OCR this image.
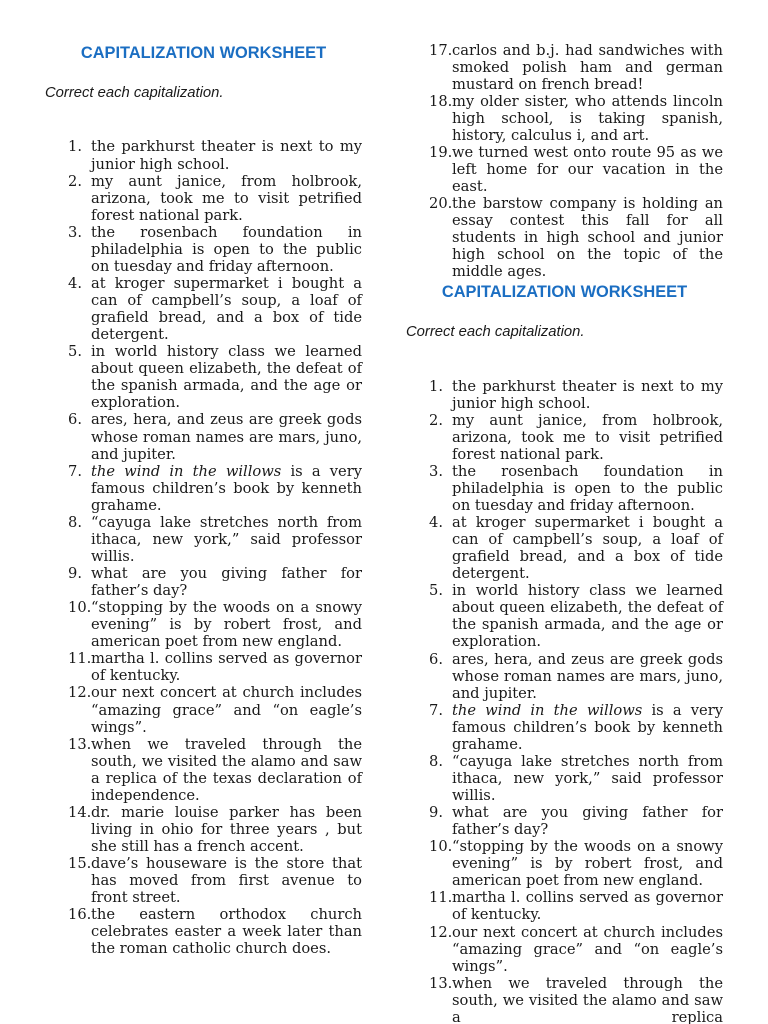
CAPITALIZATION WORKSHEET
Correct each capitalization.
1. the parkhurst theater is next to my junior high school.
2. my aunt janice, from holbrook, arizona, took me to visit petrified forest national park.
3. the rosenbach foundation in philadelphia is open to the public on tuesday and friday afternoon.
4. at kroger supermarket i bought a can of campbell’s soup, a loaf of grafield bread, and a box of tide detergent.
5. in world history class we learned about queen elizabeth, the defeat of the spanish armada, and the age or exploration.
6. ares, hera, and zeus are greek gods whose roman names are mars, juno, and jupiter.
7. the wind in the willows is a very famous children’s book by kenneth grahame.
8. “cayuga lake stretches north from ithaca, new york,” said professor willis.
9. what are you giving father for father’s day?
10. “stopping by the woods on a snowy evening” is by robert frost, and american poet from new england.
11. martha l. collins served as governor of kentucky.
12. our next concert at church includes “amazing grace” and “on eagle’s wings”.
13. when we traveled through the south, we visited the alamo and saw a replica of the texas declaration of independence.
14. dr. marie louise parker has been living in ohio for three years , but she still has a french accent.
15. dave’s houseware is the store that has moved from first avenue to front street.
16. the eastern orthodox church celebrates easter a week later than the roman catholic church does.
17. carlos and b.j. had sandwiches with smoked polish ham and german mustard on french bread!
18. my older sister, who attends lincoln high school, is taking spanish, history, calculus i, and art.
19. we turned west onto route 95 as we left home for our vacation in the east.
20. the barstow company is holding an essay contest this fall for all students in high school and junior high school on the topic of the middle ages.
CAPITALIZATION WORKSHEET
Correct each capitalization.
1. the parkhurst theater is next to my junior high school.
2. my aunt janice, from holbrook, arizona, took me to visit petrified forest national park.
3. the rosenbach foundation in philadelphia is open to the public on tuesday and friday afternoon.
4. at kroger supermarket i bought a can of campbell’s soup, a loaf of grafield bread, and a box of tide detergent.
5. in world history class we learned about queen elizabeth, the defeat of the spanish armada, and the age or exploration.
6. ares, hera, and zeus are greek gods whose roman names are mars, juno, and jupiter.
7. the wind in the willows is a very famous children’s book by kenneth grahame.
8. “cayuga lake stretches north from ithaca, new york,” said professor willis.
9. what are you giving father for father’s day?
10. “stopping by the woods on a snowy evening” is by robert frost, and american poet from new england.
11. martha l. collins served as governor of kentucky.
12. our next concert at church includes “amazing grace” and “on eagle’s wings”.
13. when we traveled through the south, we visited the alamo and saw a replica
